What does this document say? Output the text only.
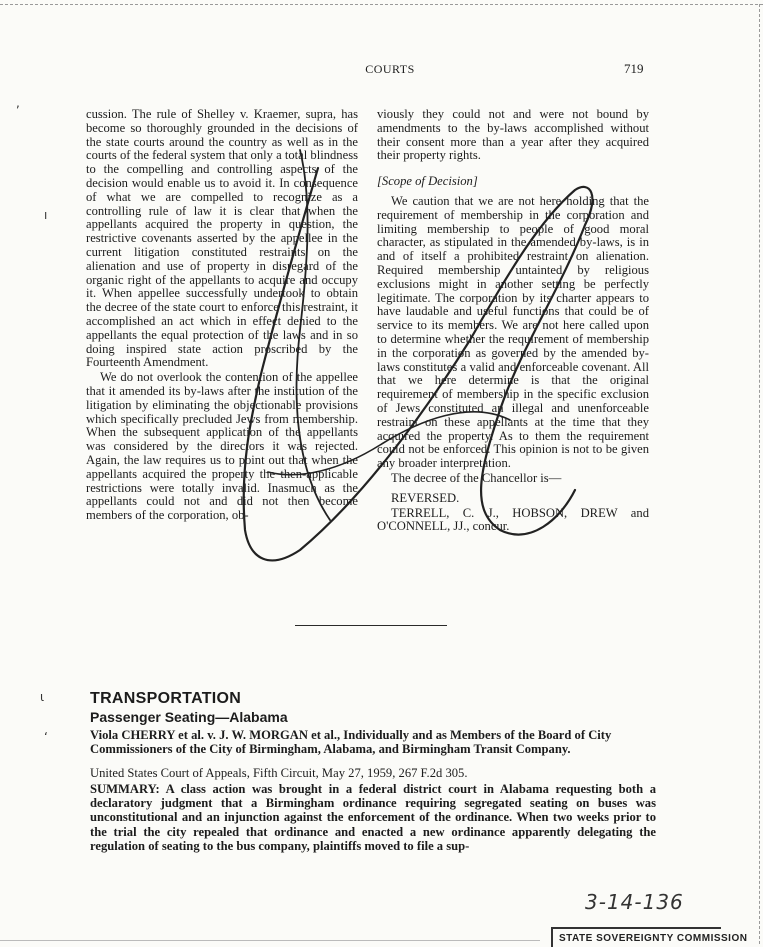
COURTS	719
,
ı
ɩ
ʻ

cussion. The rule of Shelley v. Kraemer, supra, has become so thoroughly grounded in the decisions of the state courts around the country as well as in the courts of the federal system that only a total blindness to the compelling and controlling aspects of the decision would enable us to avoid it. In consequence of what we are compelled to recognize as a controlling rule of law it is clear that when the appellants acquired the property in question, the restrictive covenants asserted by the appellee in the current litigation constituted restraints on the alienation and use of property in disregard of the organic right of the appellants to acquire and occupy it. When appellee successfully undertook to obtain the decree of the state court to enforce this restraint, it accomplished an act which in effect denied to the appellants the equal protection of the laws and in so doing inspired state action proscribed by the Fourteenth Amendment.

We do not overlook the contention of the appellee that it amended its by-laws after the institution of the litigation by eliminating the objectionable provisions which specifically precluded Jews from membership. When the subsequent application of the appellants was considered by the directors it was rejected. Again, the law requires us to point out that when the appellants acquired the property the then-applicable restrictions were totally invalid. Inasmuch as the appellants could not and did not then become members of the corporation, ob-

viously they could not and were not bound by amendments to the by-laws accomplished without their consent more than a year after they acquired their property rights.

[Scope of Decision]

We caution that we are not here holding that the requirement of membership in the corporation and limiting membership to people of good moral character, as stipulated in the amended by-laws, is in and of itself a prohibited restraint on alienation. Required membership untainted by religious exclusions might in another setting be perfectly legitimate. The corporation by its charter appears to have laudable and useful functions that could be of service to its members. We are not here called upon to determine whether the requirement of membership in the corporation as governed by the amended by-laws constitutes a valid and enforceable covenant. All that we here determine is that the original requirement of membership in the specific exclusion of Jews constituted an illegal and unenforceable restraint on these appellants at the time that they acquired the property. As to them the requirement could not be enforced. This opinion is not to be given any broader interpretation.

The decree of the Chancellor is—

REVERSED.

TERRELL, C. J., HOBSON, DREW and O'CONNELL, JJ., concur.

TRANSPORTATION
Passenger Seating—Alabama
Viola CHERRY et al. v. J. W. MORGAN et al., Individually and as Members of the Board of City Commissioners of the City of Birmingham, Alabama, and Birmingham Transit Company.
United States Court of Appeals, Fifth Circuit, May 27, 1959, 267 F.2d 305.
SUMMARY: A class action was brought in a federal district court in Alabama requesting both a declaratory judgment that a Birmingham ordinance requiring segregated seating on buses was unconstitutional and an injunction against the enforcement of the ordinance. When two weeks prior to the trial the city repealed that ordinance and enacted a new ordinance apparently delegating the regulation of seating to the bus company, plaintiffs moved to file a sup-
3-14-136
STATE SOVEREIGNTY COMMISSION
